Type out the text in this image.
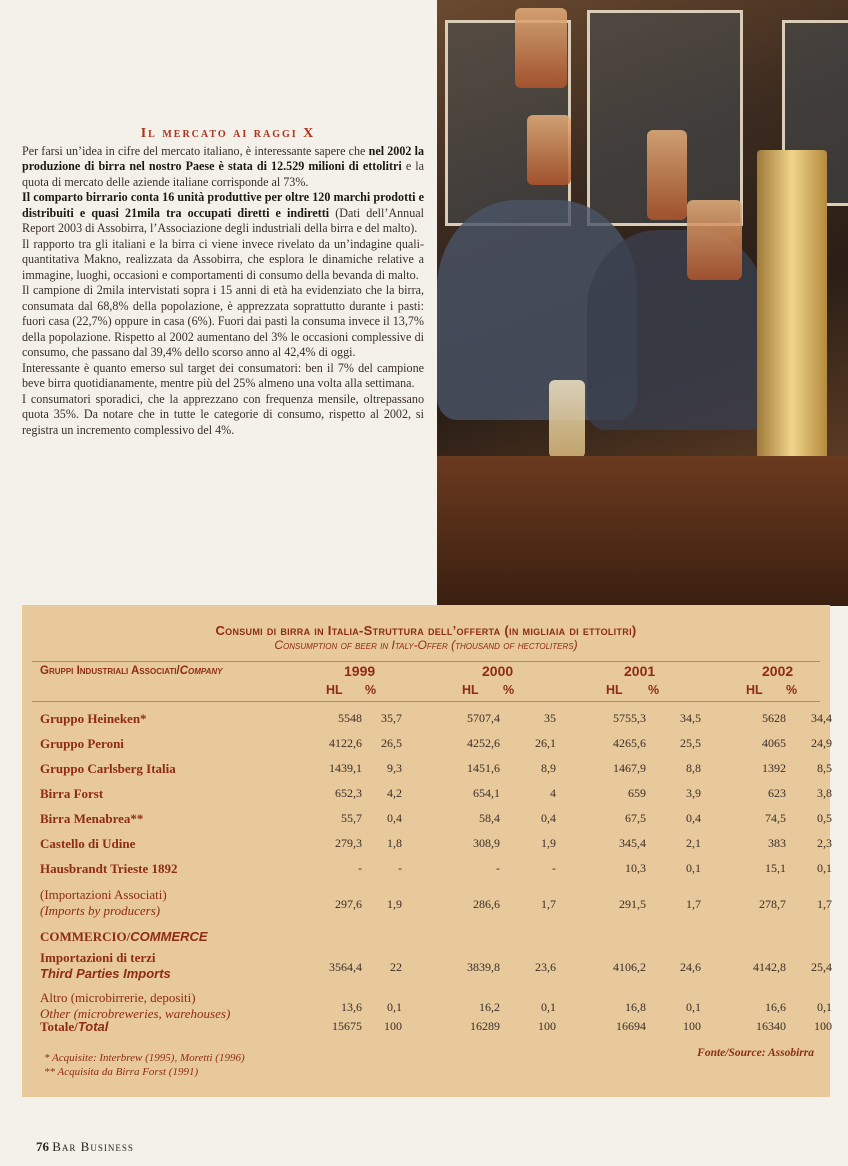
Il mercato ai raggi X

Per farsi un’idea in cifre del mercato italiano, è interessante sapere che nel 2002 la produzione di birra nel nostro Paese è stata di 12.529 milioni di ettolitri e la quota di mercato delle aziende italiane corrisponde al 73%.

Il comparto birrario conta 16 unità produttive per oltre 120 marchi prodotti e distribuiti e quasi 21mila tra occupati diretti e indiretti (Dati dell’Annual Report 2003 di Assobirra, l’Associazione degli industriali della birra e del malto).

Il rapporto tra gli italiani e la birra ci viene invece rivelato da un’indagine quali-quantitativa Makno, realizzata da Assobirra, che esplora le dinamiche relative a immagine, luoghi, occasioni e comportamenti di consumo della bevanda di malto.

Il campione di 2mila intervistati sopra i 15 anni di età ha evidenziato che la birra, consumata dal 68,8% della popolazione, è apprezzata soprattutto durante i pasti: fuori casa (22,7%) oppure in casa (6%). Fuori dai pasti la consuma invece il 13,7% della popolazione. Rispetto al 2002 aumentano del 3% le occasioni complessive di consumo, che passano dal 39,4% dello scorso anno al 42,4% di oggi.

Interessante è quanto emerso sul target dei consumatori: ben il 7% del campione beve birra quotidianamente, mentre più del 25% almeno una volta alla settimana.

I consumatori sporadici, che la apprezzano con frequenza mensile, oltrepassano quota 35%. Da notare che in tutte le categorie di consumo, rispetto al 2002, si registra un incremento complessivo del 4%.

Consumi di birra in Italia-Struttura dell’offerta (in migliaia di ettolitri)
Consumption of beer in Italy-Offer (thousand of hectoliters)
Gruppi Industriali Associati/Company	1999	2000	2001	2002
HL %	HL %	HL %	HL %
Gruppo Heineken*	5548 35,7	5707,4	35	5755,3	34,5	5628 34,4
Gruppo Peroni	4122,6 26,5	4252,6	26,1	4265,6	25,5	4065 24,9
Gruppo Carlsberg Italia	1439,1 9,3	1451,6	8,9	1467,9	8,8	1392	8,5
Birra Forst	652,3 4,2	654,1	4	659	3,9	623	3,8
Birra Menabrea**	55,7 0,4	58,4	0,4	67,5	0,4	74,5	0,5
Castello di Udine	279,3 1,8	308,9	1,9	345,4	2,1	383	2,3
Hausbrandt Trieste 1892	-	-	-	-	10,3	0,1	15,1	0,1
(Importazioni Associati)
(Imports by producers)	297,6 1,9	286,6	1,7	291,5	1,7	278,7	1,7
COMMERCIO/COMMERCE
Importazioni di terzi
Third Parties Imports	3564,4 22	3839,8	23,6	4106,2	24,6	4142,8 25,4
Altro (microbirrerie, depositi)
Other (microbreweries, warehouses)	13,6 0,1	16,2	0,1	16,8	0,1	16,6	0,1
Totale/Total	15675 100	16289	100	16694	100	16340 100
* Acquisite: Interbrew (1995), Moretti (1996)
** Acquisita da Birra Forst (1991)
Fonte/Source: Assobirra
76 Bar Business
